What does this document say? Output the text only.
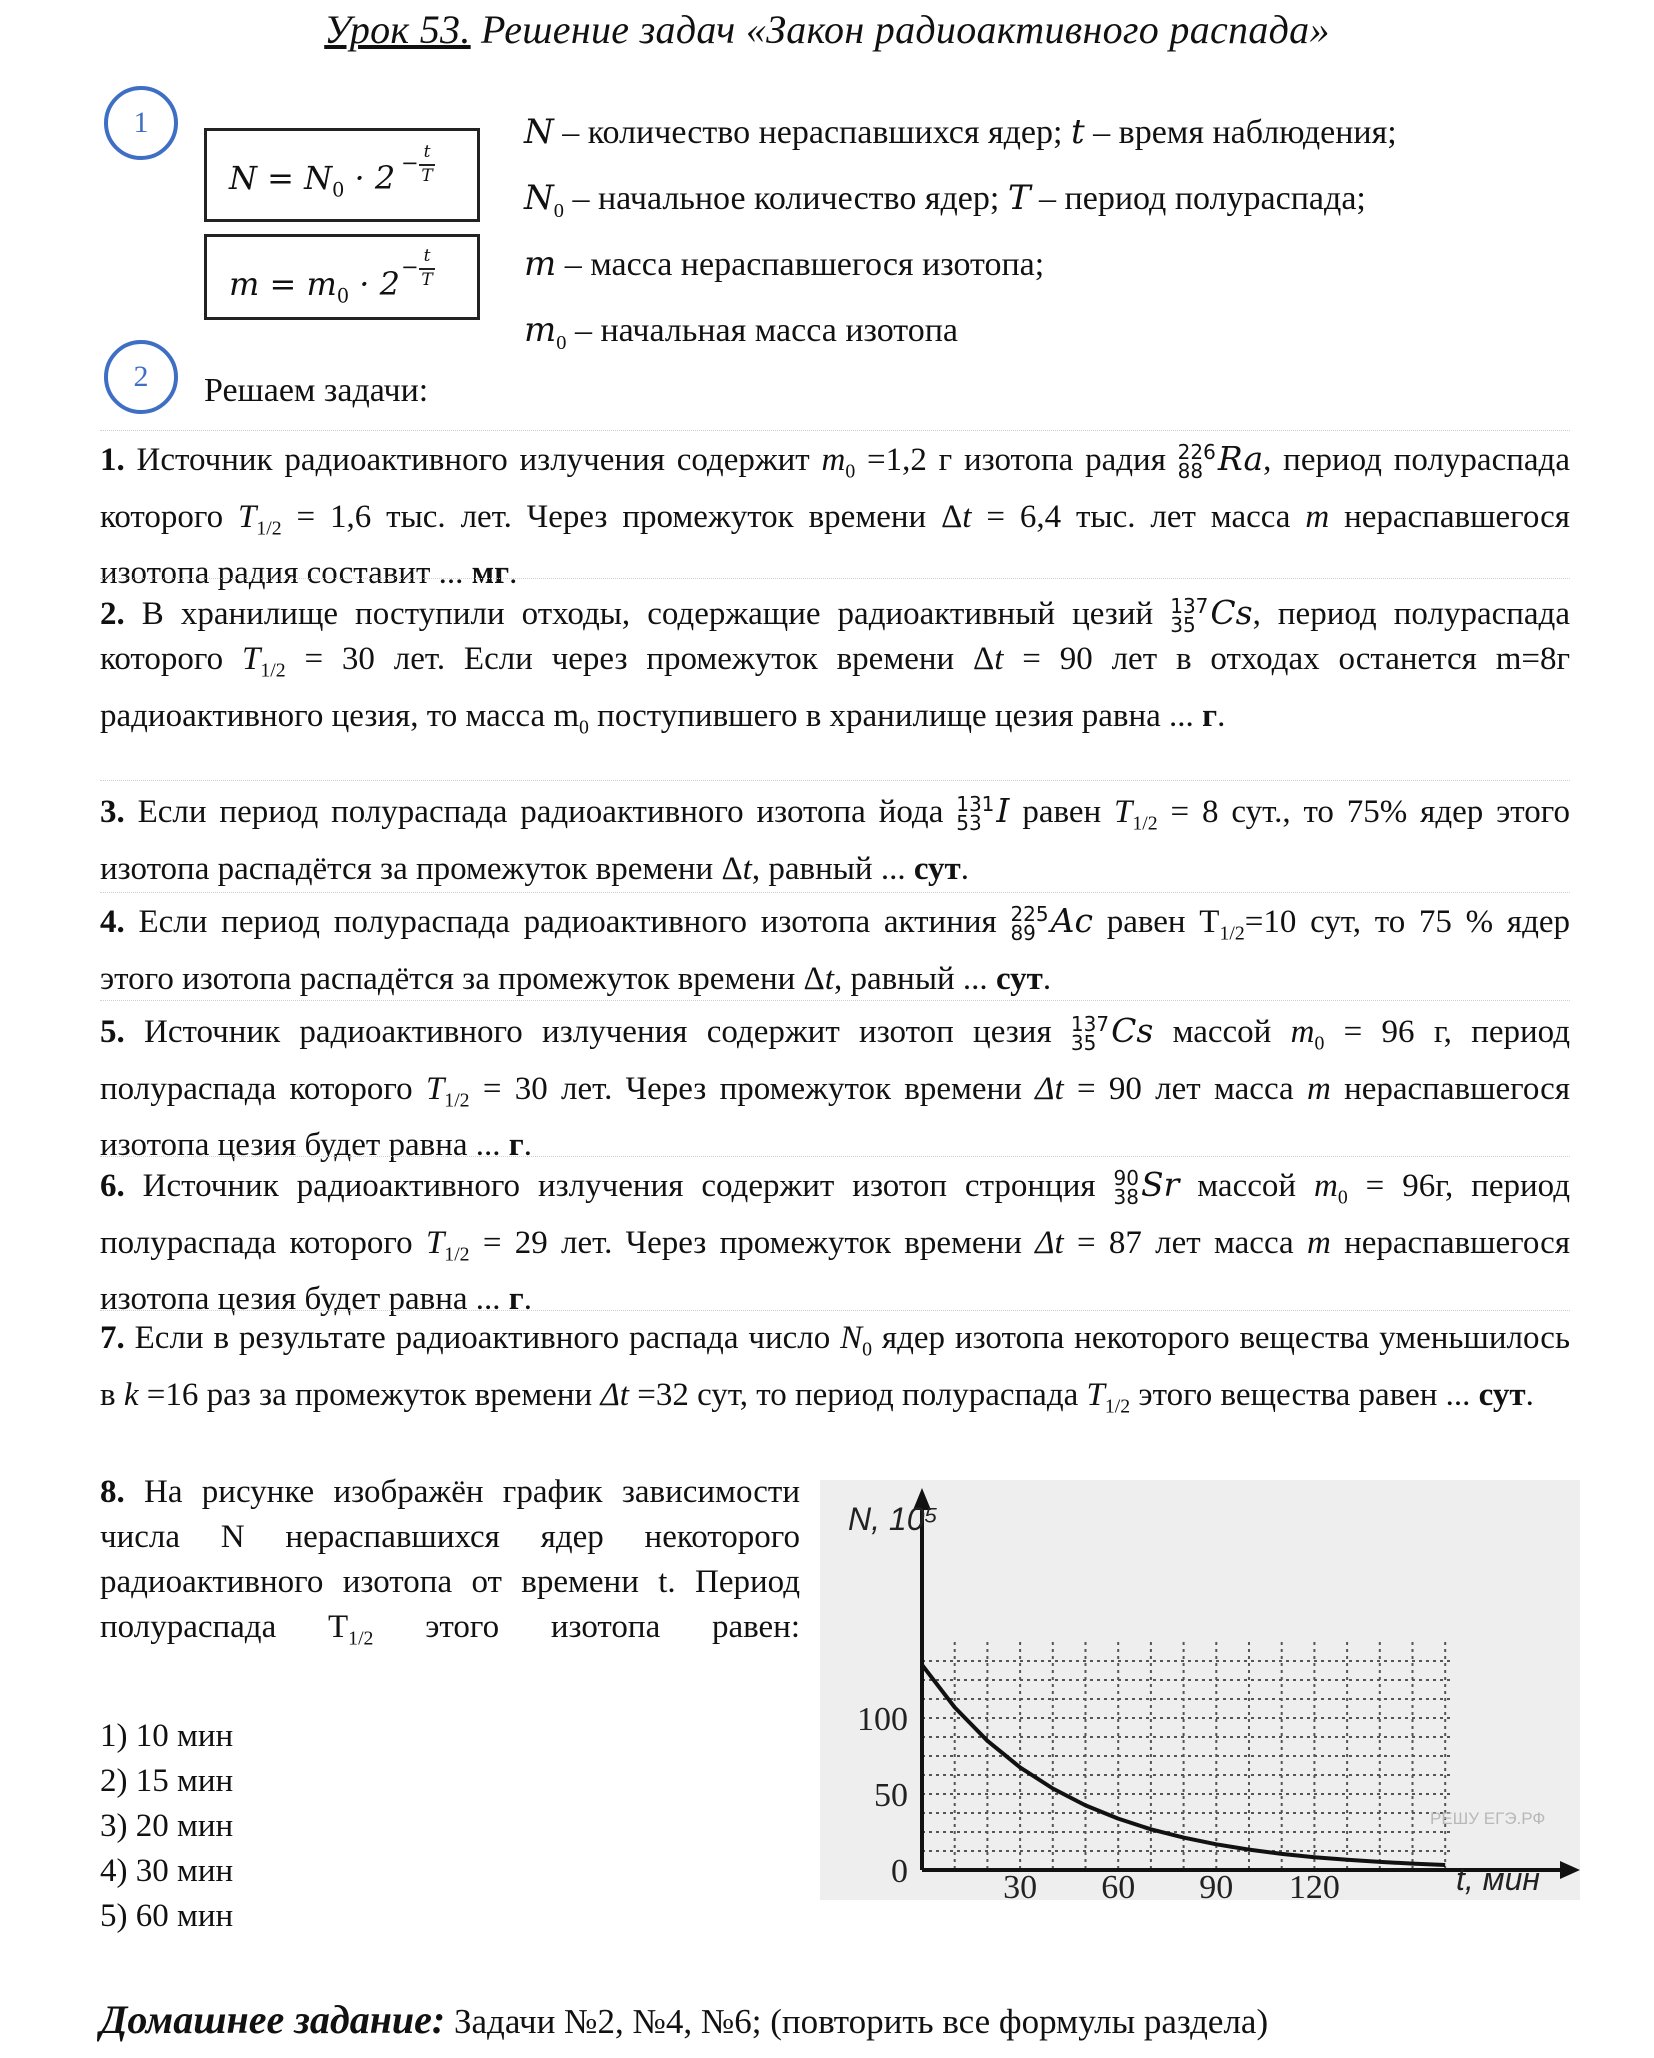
Урок 53. Решение задач «Закон радиоактивного распада»
1
2
$N = N_0 \cdot 2 - t$
T
$m = m_0 \cdot 2 - t$
T
N – количество нераспавшихся ядер; t – время наблюдения;
$N_0$ – начальное количество ядер; T – период полураспада;
m – масса нераспавшегося изотопа;
$m_0$ – начальная масса изотопа
Решаем задачи:
1. Источник радиоактивного излучения содержит $m_0 =1,2$ г изотопа радия 226
88 Ra, период полураспада которого $T_{1/2} = 1,6$ тыс. лет. Через промежуток времени Δt = 6,4 тыс. лет масса m нераспавшегося изотопа радия составит ... мг.
2. В хранилище поступили отходы, содержащие радиоактивный цезий 137
35 Cs, период полураспада которого $T_{1/2} = 30$ лет. Если через промежуток времени Δt = 90 лет в отходах останется m=8г радиоактивного цезия, то масса $m_0$ поступившего в хранилище цезия равна ... г.
3. Если период полураспада радиоактивного изотопа йода 131
53 I равен $T_{1/2} = 8$ сут., то 75% ядер этого изотопа распадётся за промежуток времени Δt, равный ... сут.
4. Если период полураспада радиоактивного изотопа актиния 225
89 Ac равен $T_{1/2}=10$ сут, то 75 % ядер этого изотопа распадётся за промежуток времени Δt, равный ... сут.
5. Источник радиоактивного излучения содержит изотоп цезия 137
35 Cs массой $m_0 = 96$ г, период полураспада которого $T_{1/2} = 30$ лет. Через промежуток времени Δt = 90 лет масса m нераспавшегося изотопа цезия будет равна ... г.
6. Источник радиоактивного излучения содержит изотоп стронция 90
38Sr массой $m_0 = 96г$, период полураспада которого $T_{1/2} = 29$ лет. Через промежуток времени Δt = 87 лет масса m нераспавшегося изотопа цезия будет равна ... г.
7. Если в результате радиоактивного распада число $N_0$ ядер изотопа некоторого вещества уменьшилось в k =16 раз за промежуток времени Δt =32 сут, то период полураспада $T_{1/2}$ этого вещества равен ... сут.
8. На рисунке изображён график зависимости числа N нераспавшихся ядер некоторого радиоактивного изотопа от времени t. Период полураспада $T_{1/2}$ этого изотопа равен:
1) 10 мин
2) 15 мин
3) 20 мин
4) 30 мин
5) 60 мин
30 60 90 120
0
50
100
N, 10⁵
t, мин
РЕШУ ЕГЭ.РФ
Домашнее задание: Задачи №2, №4, №6; (повторить все формулы раздела)
